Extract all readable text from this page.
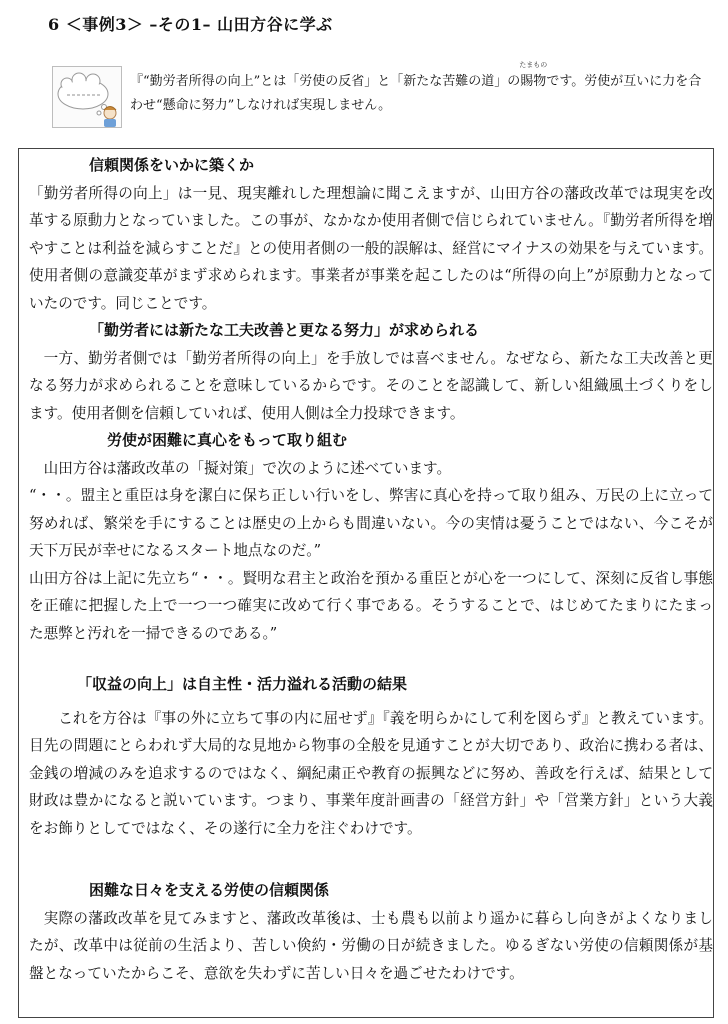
6 ＜事例3＞ –その1– 山田方谷に学ぶ
『“勤労者所得の向上”とは「労使の反省」と「新たな苦難の道」の賜物
たまもの
です。労使が互いに力を合わせ“懸命に努力”しなければ実現しません。
信頼関係をいかに築くか

「勤労者所得の向上」は一見、現実離れした理想論に聞こえますが、山田方谷の藩政改革では現実を改革する原動力となっていました。この事が、なかなか使用者側で信じられていません。『勤労者所得を増やすことは利益を減らすことだ』との使用者側の一般的誤解は、経営にマイナスの効果を与えています。使用者側の意識変革がまず求められます。事業者が事業を起こしたのは“所得の向上”が原動力となっていたのです。同じことです。

「勤労者には新たな工夫改善と更なる努力」が求められる

一方、勤労者側では「勤労者所得の向上」を手放しでは喜べません。なぜなら、新たな工夫改善と更なる努力が求められることを意味しているからです。そのことを認識して、新しい組織風土づくりをします。使用者側を信頼していれば、使用人側は全力投球できます。

労使が困難に真心をもって取り組む

山田方谷は藩政改革の「擬対策」で次のように述べています。

“・・。盟主と重臣は身を潔白に保ち正しい行いをし、弊害に真心を持って取り組み、万民の上に立って努めれば、繁栄を手にすることは歴史の上からも間違いない。今の実情は憂うことではない、今こそが天下万民が幸せになるスタート地点なのだ。”

山田方谷は上記に先立ち“・・。賢明な君主と政治を預かる重臣とが心を一つにして、深刻に反省し事態を正確に把握した上で一つ一つ確実に改めて行く事である。そうすることで、はじめてたまりにたまった悪弊と汚れを一掃できるのである。”

「収益の向上」は自主性・活力溢れる活動の結果

これを方谷は『事の外に立ちて事の内に屈せず』『義を明らかにして利を図らず』と教えています。目先の問題にとらわれず大局的な見地から物事の全般を見通すことが大切であり、政治に携わる者は、金銭の増減のみを追求するのではなく、綱紀粛正や教育の振興などに努め、善政を行えば、結果として財政は豊かになると説いています。つまり、事業年度計画書の「経営方針」や「営業方針」という大義をお飾りとしてではなく、その遂行に全力を注ぐわけです。

困難な日々を支える労使の信頼関係

実際の藩政改革を見てみますと、藩政改革後は、士も農も以前より遥かに暮らし向きがよくなりましたが、改革中は従前の生活より、苦しい倹約・労働の日が続きました。ゆるぎない労使の信頼関係が基盤となっていたからこそ、意欲を失わずに苦しい日々を過ごせたわけです。
